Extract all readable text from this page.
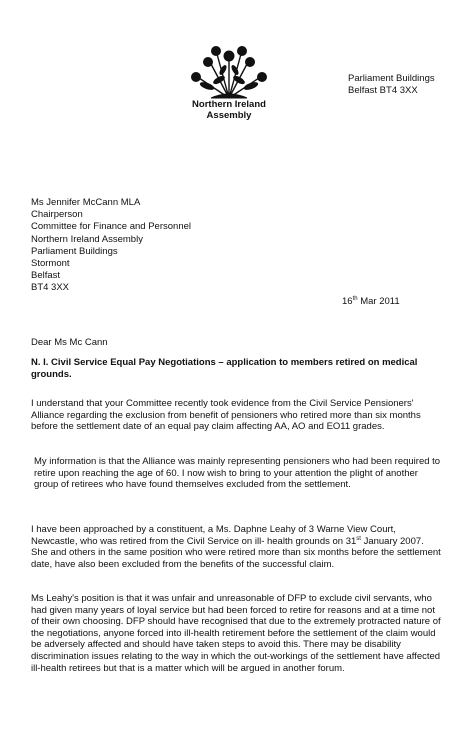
Northern Ireland
Assembly
Parliament Buildings
Belfast BT4 3XX
Ms Jennifer McCann MLA
Chairperson
Committee for Finance and Personnel
Northern Ireland Assembly
Parliament Buildings
Stormont
Belfast
BT4 3XX
16th Mar 2011
Dear Ms Mc Cann
N. I. Civil Service Equal Pay Negotiations – application to members retired on medical grounds.

I understand that your Committee recently took evidence from the Civil Service Pensioners' Alliance regarding the exclusion from benefit of pensioners who retired more than six months before the settlement date of an equal pay claim affecting AA, AO and EO11 grades.

My information is that the Alliance was mainly representing pensioners who had been required to retire upon reaching the age of 60. I now wish to bring to your attention the plight of another group of retirees who have found themselves excluded from the settlement.

I have been approached by a constituent, a Ms. Daphne Leahy of 3 Warne View Court, Newcastle, who was retired from the Civil Service on ill- health grounds on 31st January 2007. She and others in the same position who were retired more than six months before the settlement date, have also been excluded from the benefits of the successful claim.

Ms Leahy's position is that it was unfair and unreasonable of DFP to exclude civil servants, who had given many years of loyal service but had been forced to retire for reasons and at a time not of their own choosing. DFP should have recognised that due to the extremely protracted nature of the negotiations, anyone forced into ill-health retirement before the settlement of the claim would be adversely affected and should have taken steps to avoid this. There may be disability discrimination issues relating to the way in which the out-workings of the settlement have affected ill-health retirees but that is a matter which will be argued in another forum.
